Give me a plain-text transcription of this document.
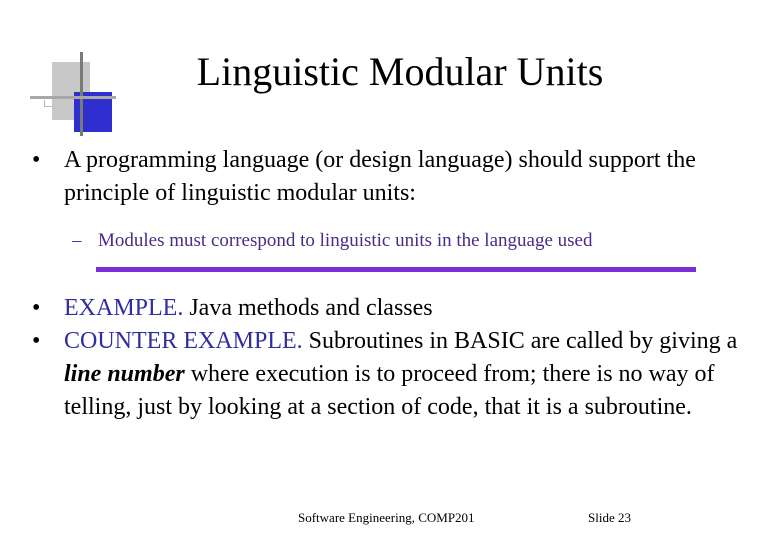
Linguistic Modular Units
• A programming language (or design language) should support the principle of linguistic modular units:
– Modules must correspond to linguistic units in the language used
• EXAMPLE. Java methods and classes
• COUNTER EXAMPLE. Subroutines in BASIC are called by giving a line number where execution is to proceed from; there is no way of telling, just by looking at a section of code, that it is a subroutine.
Software Engineering, COMP201	Slide 23
